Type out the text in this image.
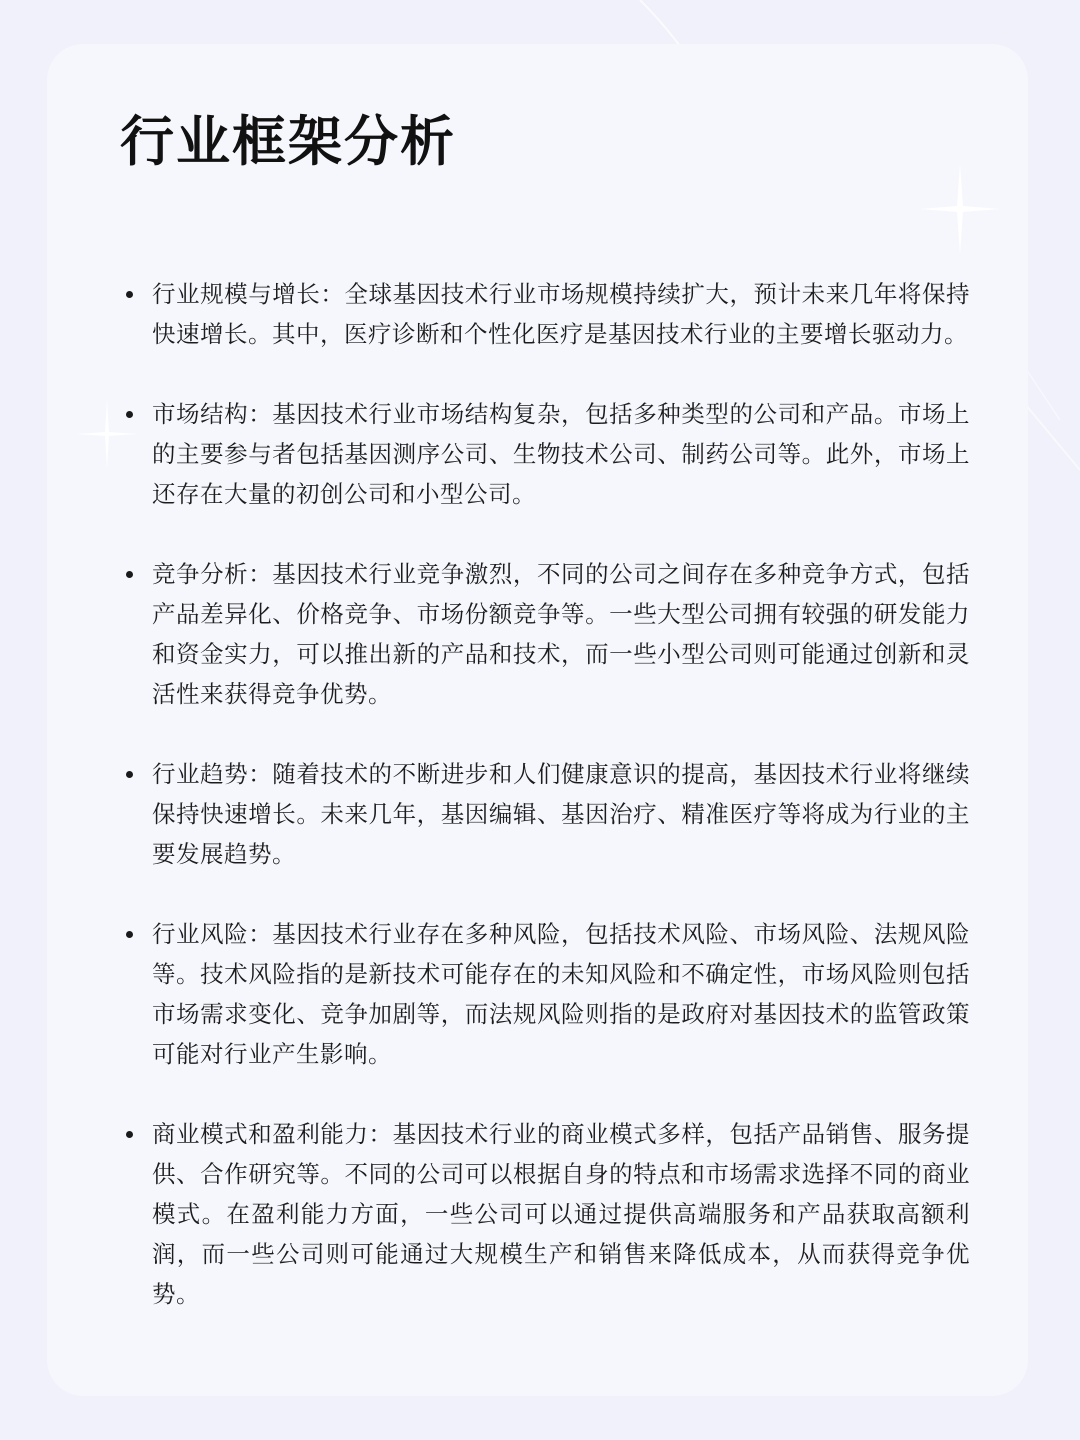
行业框架分析
行业规模与增长：全球基因技术行业市场规模持续扩大，预计未来几年将保持快速增长。其中，医疗诊断和个性化医疗是基因技术行业的主要增长驱动力。
市场结构：基因技术行业市场结构复杂，包括多种类型的公司和产品。市场上的主要参与者包括基因测序公司、生物技术公司、制药公司等。此外，市场上还存在大量的初创公司和小型公司。
竞争分析：基因技术行业竞争激烈，不同的公司之间存在多种竞争方式，包括产品差异化、价格竞争、市场份额竞争等。一些大型公司拥有较强的研发能力和资金实力，可以推出新的产品和技术，而一些小型公司则可能通过创新和灵活性来获得竞争优势。
行业趋势：随着技术的不断进步和人们健康意识的提高，基因技术行业将继续保持快速增长。未来几年，基因编辑、基因治疗、精准医疗等将成为行业的主要发展趋势。
行业风险：基因技术行业存在多种风险，包括技术风险、市场风险、法规风险等。技术风险指的是新技术可能存在的未知风险和不确定性，市场风险则包括市场需求变化、竞争加剧等，而法规风险则指的是政府对基因技术的监管政策可能对行业产生影响。
商业模式和盈利能力：基因技术行业的商业模式多样，包括产品销售、服务提供、合作研究等。不同的公司可以根据自身的特点和市场需求选择不同的商业模式。在盈利能力方面，一些公司可以通过提供高端服务和产品获取高额利润，而一些公司则可能通过大规模生产和销售来降低成本，从而获得竞争优势。
